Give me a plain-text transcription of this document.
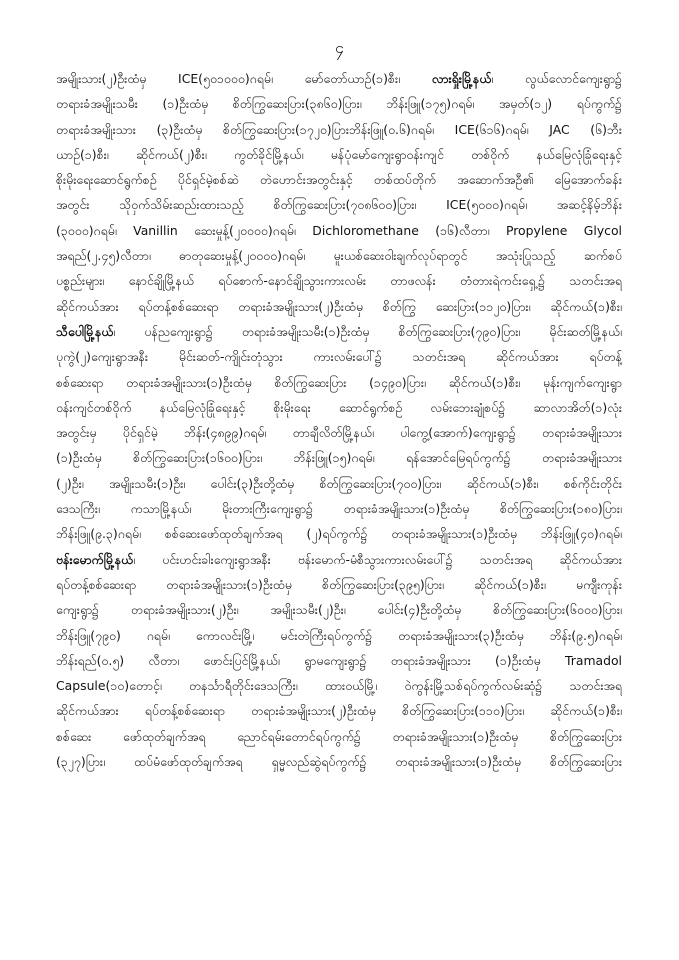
၄
အမျိုးသား(၂)ဦးထံမှ ICE(၅၀၁၀၀၀)ဂရမ်၊ မော်တော်ယာဉ်(၁)စီး၊ လားရှိုးမြို့နယ်၊ လွယ်လောင်ကျေးရွာ၌
တရားခံအမျိုးသမီး (၁)ဦးထံမှ စိတ်ကြွဆေးပြား(၃၈၆၀)ပြား၊ ဘိန်းဖြူ(၁၇၅)ဂရမ်၊ အမှတ်(၁၂) ရပ်ကွက်၌
တရားခံအမျိုးသား (၃)ဦးထံမှ စိတ်ကြွဆေးပြား(၁၇၂၀)ပြားဘိန်းဖြူ(၀.၆)ဂရမ်၊ ICE(၆၁၆)ဂရမ်၊ JAC (၆)ဘီး
ယာဉ်(၁)စီး၊ ဆိုင်ကယ်(၂)စီး၊ ကွတ်ခိုင်မြို့နယ်၊ မန်ပုံမော်ကျေးရွာဝန်းကျင် တစ်ဝိုက် နယ်မြေလုံခြုံရေးနှင့်
စိုးမိုးရေးဆောင်ရွက်စဉ် ပိုင်ရှင်မဲ့စစ်ဆဲ တဲဟောင်းအတွင်းနှင့် တစ်ထပ်တိုက် အဆောက်အဦ၏ မြေအောက်ခန်း
အတွင်း သိုဝှက်သိမ်းဆည်းထားသည့် စိတ်ကြွဆေးပြား(၇၀၈၆၀၀)ပြား၊ ICE(၅၀၀၀)ဂရမ်၊ အဆင့်နိမ့်ဘိန်း
(၃၀၀၀)ဂရမ်၊ Vanillin ဆေးမှုန့်(၂၀၀၀၀)ဂရမ်၊ Dichloromethane (၁၆)လီတာ၊ Propylene Glycol
အရည်(၂.၄၅)လီတာ၊ ဓာတုဆေးမှုန့်(၂၀၀၀၀)ဂရမ်၊ မူးယစ်ဆေးဝါးချက်လုပ်ရာတွင် အသုံးပြုသည့် ဆက်စပ်
ပစ္စည်းများ၊ နောင်ချိုမြို့နယ် ရပ်စောက်-နောင်ချိုသွားကားလမ်း တာဖလန်း တံတားရဲကင်းရှေ့၌ သတင်းအရ
ဆိုင်ကယ်အား ရပ်တန့်စစ်ဆေးရာ တရားခံအမျိုးသား(၂)ဦးထံမှ စိတ်ကြွ ဆေးပြား(၁၁၂၀)ပြား၊ ဆိုင်ကယ်(၁)စီး၊
သီပေါမြို့နယ်၊ ပန်ညကျေးရွာ၌ တရားခံအမျိုးသမီး(၁)ဦးထံမှ စိတ်ကြွဆေးပြား(၇၉၀)ပြား၊ မိုင်းဆတ်မြို့နယ်၊
ပုကွဲ(၂)ကျေးရွာအနီး မိုင်းဆတ်-ကျိုင်းတုံသွား ကားလမ်းပေါ်၌ သတင်းအရ ဆိုင်ကယ်အား ရပ်တန့်
စစ်ဆေးရာ တရားခံအမျိုးသား(၁)ဦးထံမှ စိတ်ကြွဆေးပြား (၁၄၉၀)ပြား၊ ဆိုင်ကယ်(၁)စီး၊ မုန်းကျက်ကျေးရွာ
ဝန်းကျင်တစ်ဝိုက် နယ်မြေလုံခြုံရေးနှင့် စိုးမိုးရေး ဆောင်ရွက်စဉ် လမ်းဘေးချုံစပ်၌ ဆာလာအိတ်(၁)လုံး
အတွင်းမှ ပိုင်ရှင်မဲ့ ဘိန်း(၄၈၉၉)ဂရမ်၊ တာချီလိတ်မြို့နယ်၊ ပါကွေ့(အောက်)ကျေးရွာ၌ တရားခံအမျိုးသား
(၁)ဦးထံမှ စိတ်ကြွဆေးပြား(၁၆၀၀)ပြား၊ ဘိန်းဖြူ(၁၅)ဂရမ်၊ ရန်အောင်မြေရပ်ကွက်၌ တရားခံအမျိုးသား
(၂)ဦး၊ အမျိုးသမီး(၁)ဦး၊ ပေါင်း(၃)ဦးတို့ထံမှ စိတ်ကြွဆေးပြား(၇၀၀)ပြား၊ ဆိုင်ကယ်(၁)စီး၊ စစ်ကိုင်းတိုင်း
ဒေသကြီး၊ ကသာမြို့နယ်၊ မိုးတားကြီးကျေးရွာ၌ တရားခံအမျိုးသား(၁)ဦးထံမှ စိတ်ကြွဆေးပြား(၁၈၀)ပြား၊
ဘိန်းဖြူ(၉.၃)ဂရမ်၊ စစ်ဆေးဖော်ထုတ်ချက်အရ (၂)ရပ်ကွက်၌ တရားခံအမျိုးသား(၁)ဦးထံမှ ဘိန်းဖြူ(၄၀)ဂရမ်၊
ဗန်းမောက်မြို့နယ်၊ ပင်းဟင်းခါးကျေးရွာအနီး ဗန်းမောက်-မံစီသွားကားလမ်းပေါ်၌ သတင်းအရ ဆိုင်ကယ်အား
ရပ်တန့်စစ်ဆေးရာ တရားခံအမျိုးသား(၁)ဦးထံမှ စိတ်ကြွဆေးပြား(၃၉၅)ပြား၊ ဆိုင်ကယ်(၁)စီး၊ မကျီးကုန်း
ကျေးရွာ၌ တရားခံအမျိုးသား(၂)ဦး၊ အမျိုးသမီး(၂)ဦး၊ ပေါင်း(၄)ဦးတို့ထံမှ စိတ်ကြွဆေးပြား(၆၀၀၀)ပြား၊
ဘိန်းဖြူ(၇၉၀) ဂရမ်၊ ကောလင်းမြို့၊ မင်းတဲကြီးရပ်ကွက်၌ တရားခံအမျိုးသား(၃)ဦးထံမှ ဘိန်း(၉.၅)ဂရမ်၊
ဘိန်းရည်(၀.၅) လီတာ၊ ဖောင်းပြင်မြို့နယ်၊ ရွာမကျေးရွာ၌ တရားခံအမျိုးသား (၁)ဦးထံမှ Tramadol
Capsule(၁၀)တောင့်၊ တနင်္သာရီတိုင်းဒေသကြီး၊ ထားဝယ်မြို့၊ ဝဲကွန်းမြို့သစ်ရပ်ကွက်လမ်းဆုံ၌ သတင်းအရ
ဆိုင်ကယ်အား ရပ်တန့်စစ်ဆေးရာ တရားခံအမျိုးသား(၂)ဦးထံမှ စိတ်ကြွဆေးပြား(၁၁၀)ပြား၊ ဆိုင်ကယ်(၁)စီး၊
စစ်ဆေး ဖော်ထုတ်ချက်အရ ညောင်ရမ်းတောင်ရပ်ကွက်၌ တရားခံအမျိုးသား(၁)ဦးထံမှ စိတ်ကြွဆေးပြား
(၃၂၇)ပြား၊ ထပ်မံဖော်ထုတ်ချက်အရ ရှမ္မလည်ဆွဲရပ်ကွက်၌ တရားခံအမျိုးသား(၁)ဦးထံမှ စိတ်ကြွဆေးပြား
